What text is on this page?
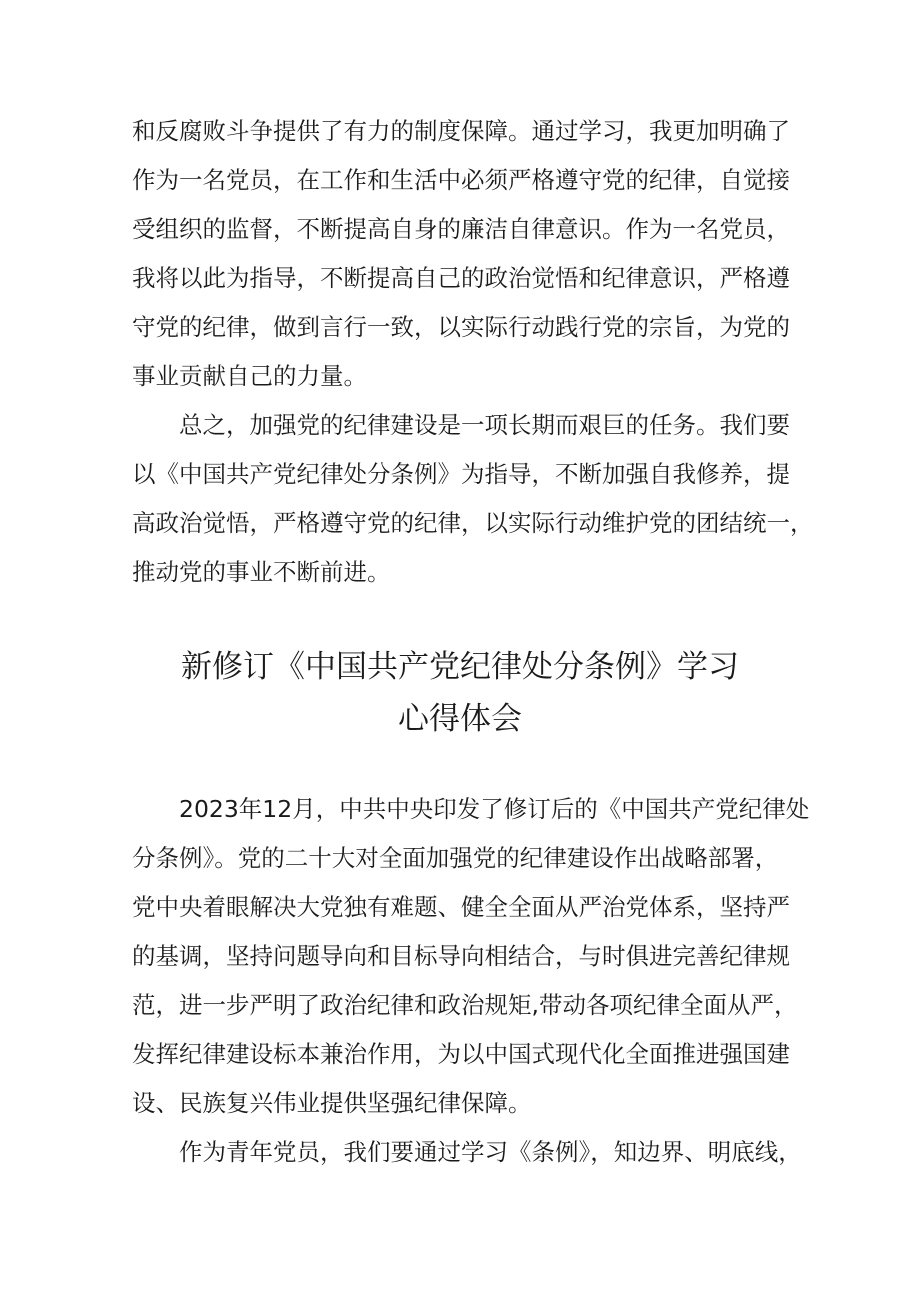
和反腐败斗争提供了有力的制度保障。通过学习，我更加明确了
作为一名党员，在工作和生活中必须严格遵守党的纪律，自觉接
受组织的监督，不断提高自身的廉洁自律意识。作为一名党员，
我将以此为指导，不断提高自己的政治觉悟和纪律意识，严格遵
守党的纪律，做到言行一致，以实际行动践行党的宗旨，为党的
事业贡献自己的力量。
总之，加强党的纪律建设是一项长期而艰巨的任务。我们要
以《中国共产党纪律处分条例》为指导，不断加强自我修养，提
高政治觉悟，严格遵守党的纪律，以实际行动维护党的团结统一，
推动党的事业不断前进。
新修订《中国共产党纪律处分条例》学习
心得体会
2023年12月，中共中央印发了修订后的《中国共产党纪律处
分条例》。党的二十大对全面加强党的纪律建设作出战略部署，
党中央着眼解决大党独有难题、健全全面从严治党体系，坚持严
的基调，坚持问题导向和目标导向相结合，与时俱进完善纪律规
范，进一步严明了政治纪律和政治规矩,带动各项纪律全面从严，
发挥纪律建设标本兼治作用，为以中国式现代化全面推进强国建
设、民族复兴伟业提供坚强纪律保障。
作为青年党员，我们要通过学习《条例》，知边界、明底线，
